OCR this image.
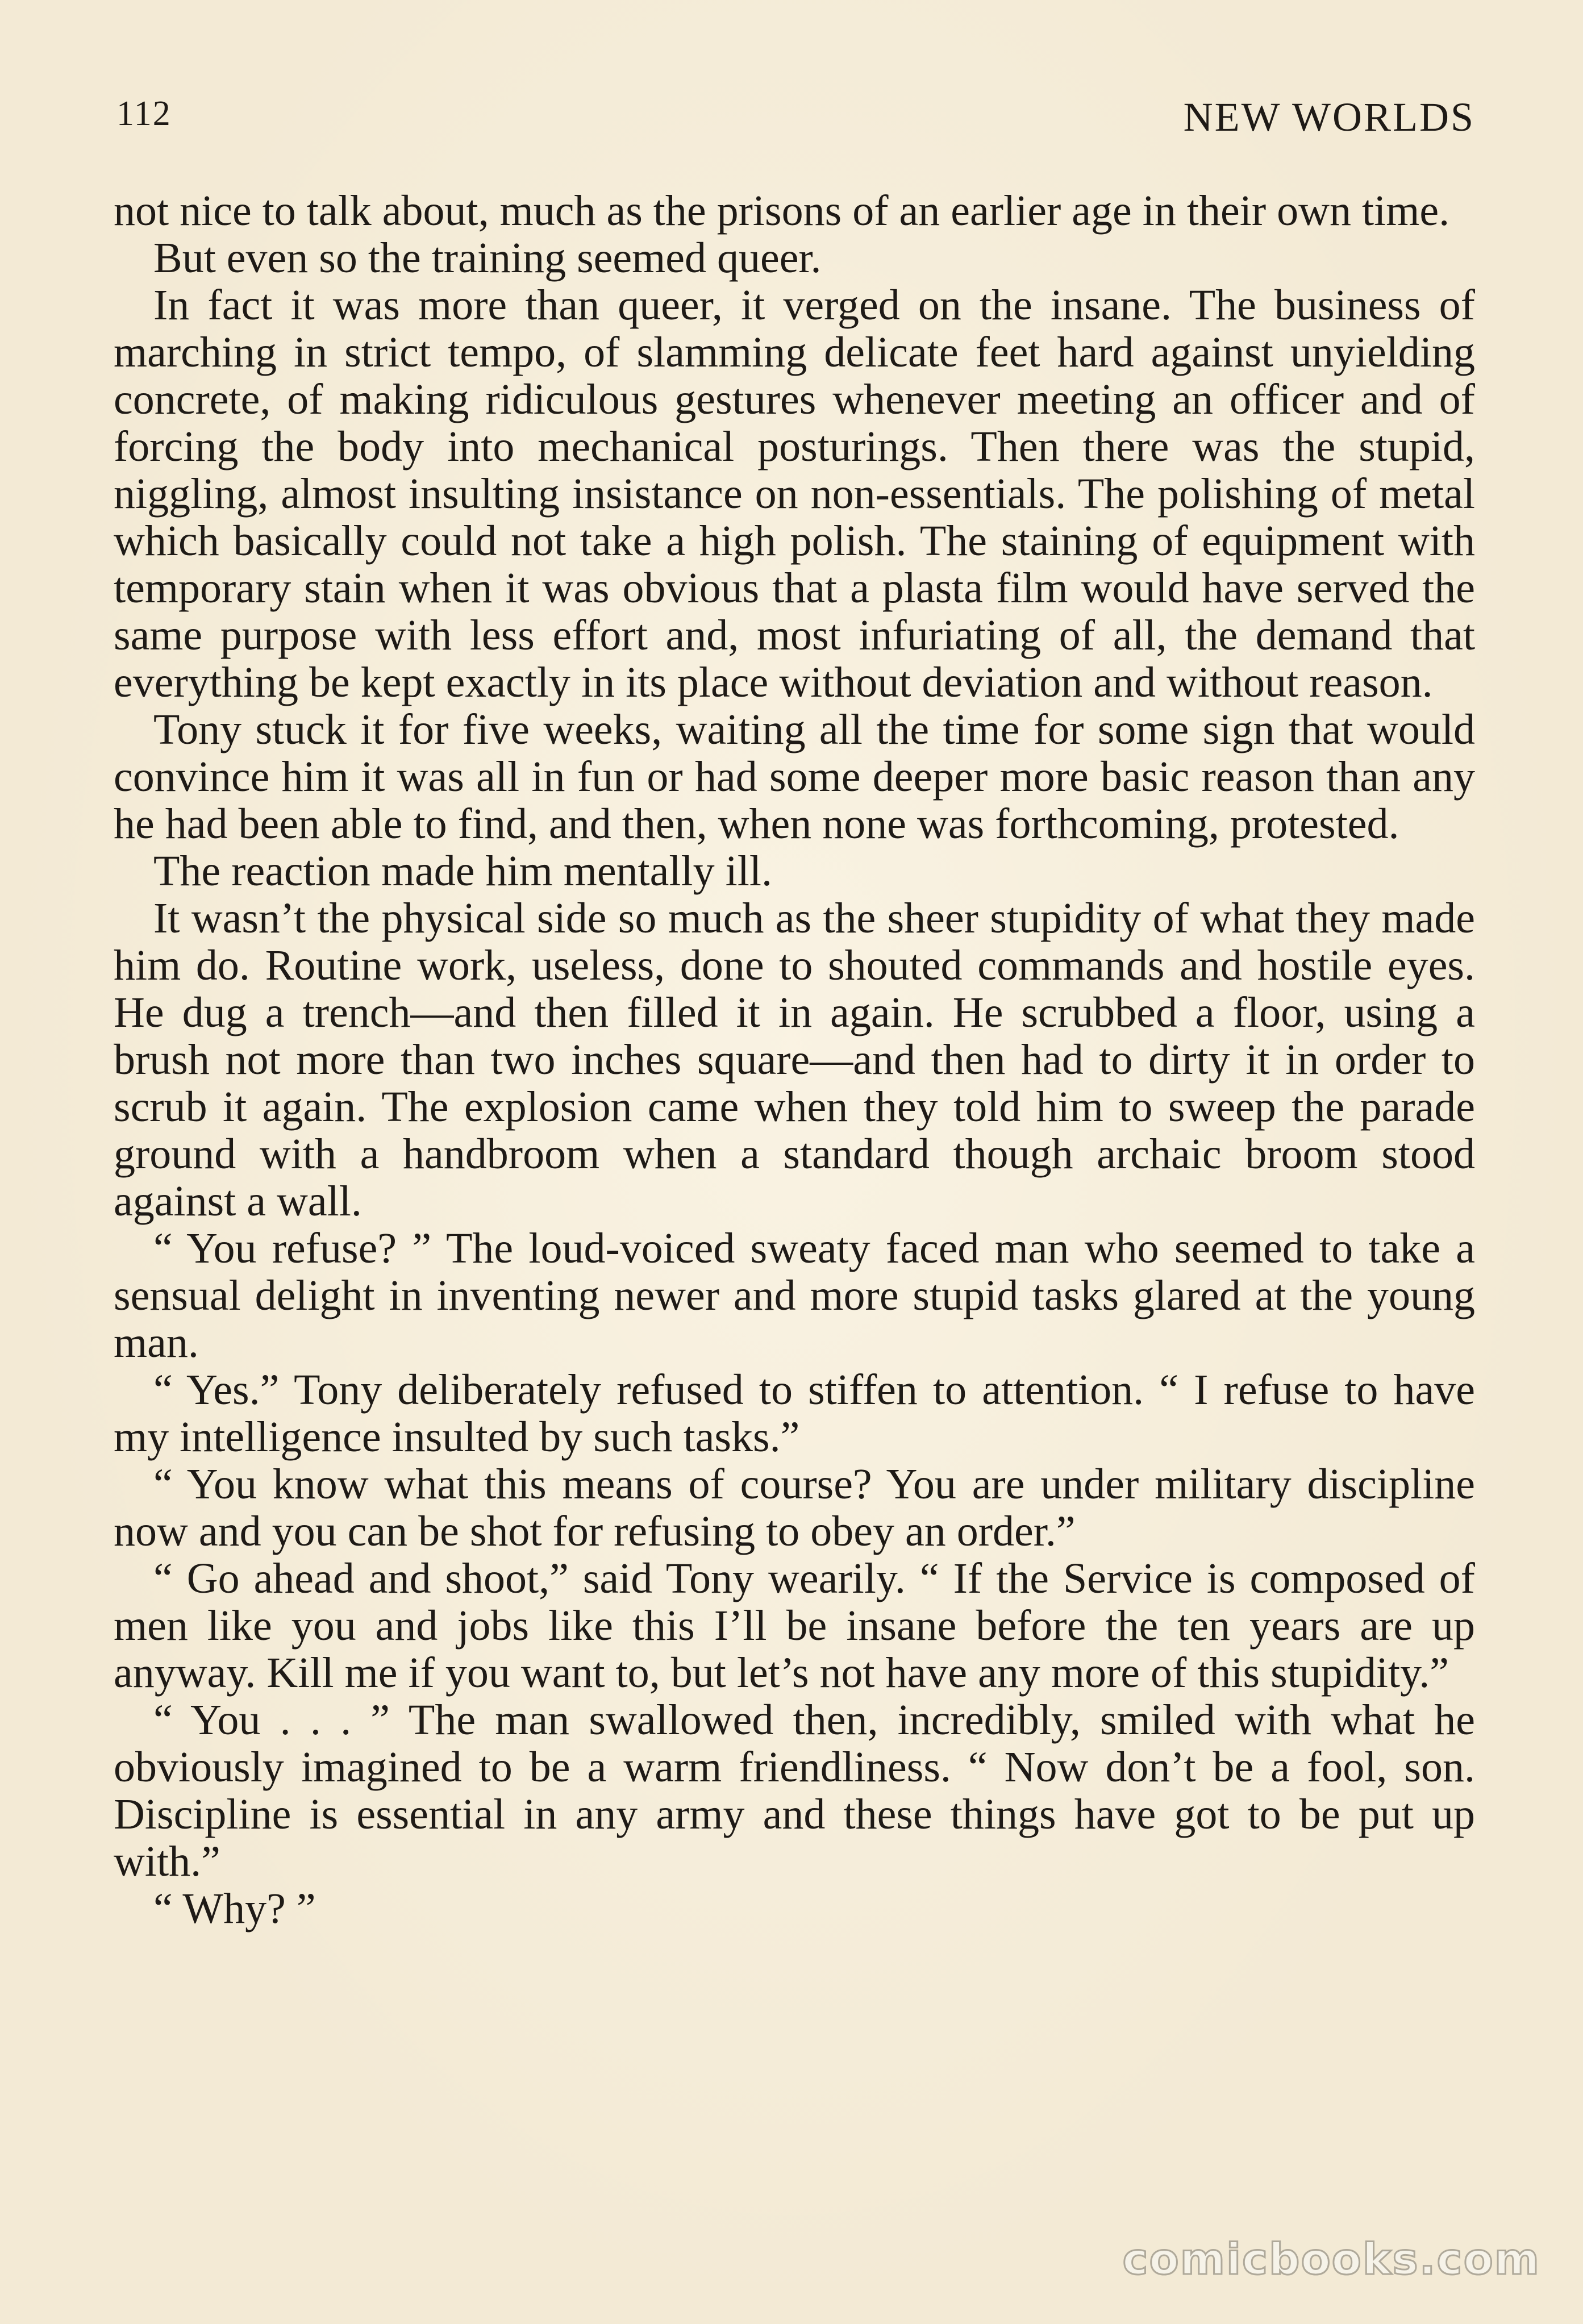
112	NEW WORLDS

not nice to talk about, much as the prisons of an earlier age in their own time.

But even so the training seemed queer.

In fact it was more than queer, it verged on the insane. The business of marching in strict tempo, of slamming delicate feet hard against unyielding concrete, of making ridiculous gestures whenever meeting an officer and of forcing the body into mechanical posturings. Then there was the stupid, niggling, almost insulting insistance on non-essentials. The polishing of metal which basically could not take a high polish. The staining of equipment with temporary stain when it was obvious that a plasta film would have served the same purpose with less effort and, most infuriating of all, the demand that everything be kept exactly in its place without deviation and without reason.

Tony stuck it for five weeks, waiting all the time for some sign that would convince him it was all in fun or had some deeper more basic reason than any he had been able to find, and then, when none was forthcoming, protested.

The reaction made him mentally ill.

It wasn’t the physical side so much as the sheer stupidity of what they made him do. Routine work, useless, done to shouted commands and hostile eyes. He dug a trench—and then filled it in again. He scrubbed a floor, using a brush not more than two inches square—and then had to dirty it in order to scrub it again. The explosion came when they told him to sweep the parade ground with a handbroom when a standard though archaic broom stood against a wall.

“ You refuse? ” The loud-voiced sweaty faced man who seemed to take a sensual delight in inventing newer and more stupid tasks glared at the young man.

“ Yes.” Tony deliberately refused to stiffen to attention. “ I refuse to have my intelligence insulted by such tasks.”

“ You know what this means of course? You are under military discipline now and you can be shot for refusing to obey an order.”

“ Go ahead and shoot,” said Tony wearily. “ If the Service is composed of men like you and jobs like this I’ll be insane before the ten years are up anyway. Kill me if you want to, but let’s not have any more of this stupidity.”

“ You . . . ” The man swallowed then, incredibly, smiled with what he obviously imagined to be a warm friendliness. “ Now don’t be a fool, son. Discipline is essential in any army and these things have got to be put up with.”

“ Why? ”

comicbooks.com
